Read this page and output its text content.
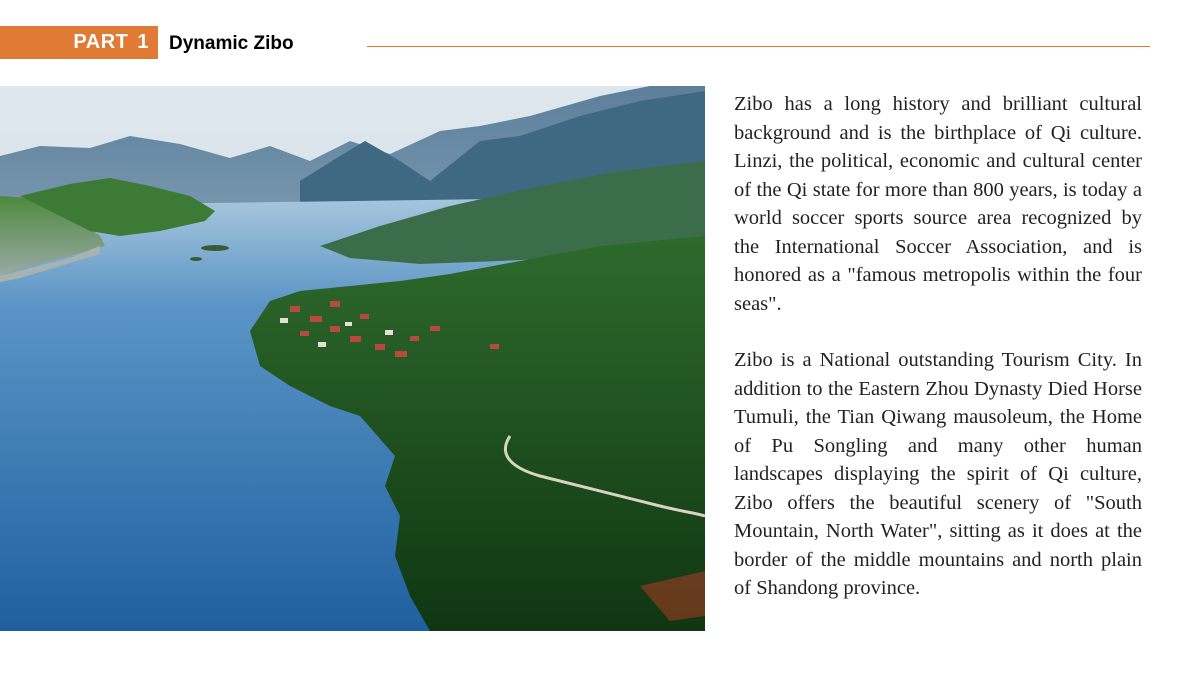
PART 1	Dynamic Zibo

Zibo has a long history and brilliant cultural background and is the birthplace of Qi culture. Linzi, the political, economic and cultural center of the Qi state for more than 800 years, is today a world soccer sports source area recognized by the International Soccer Association, and is honored as a "famous metropolis within the four seas".

Zibo is a National outstanding Tourism City. In addition to the Eastern Zhou Dynasty Died Horse Tumuli, the Tian Qiwang mausoleum, the Home of Pu Songling and many other human landscapes displaying the spirit of Qi culture, Zibo offers the beautiful scenery of "South Mountain, North Water", sitting as it does at the border of the middle mountains and north plain of Shandong province.
